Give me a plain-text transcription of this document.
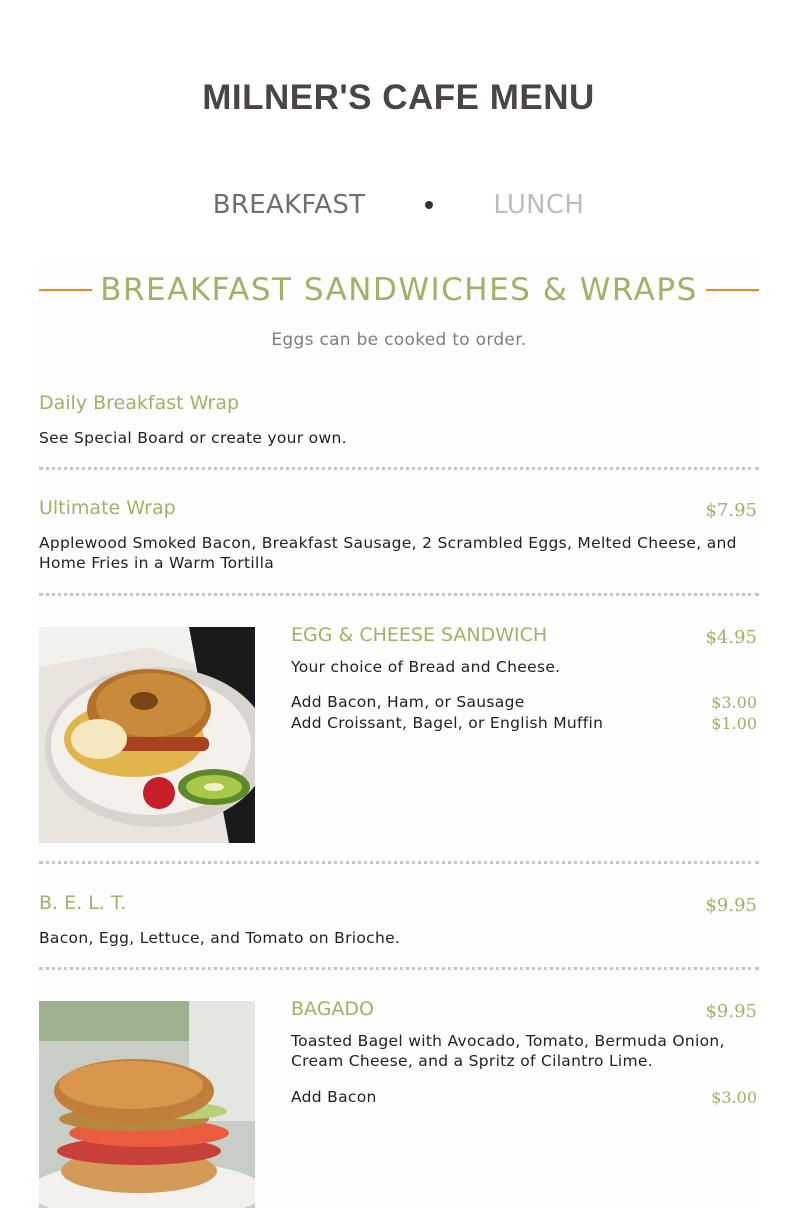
MILNER'S CAFE MENU
BREAKFAST	LUNCH
BREAKFAST SANDWICHES & WRAPS
Eggs can be cooked to order.
Daily Breakfast Wrap
See Special Board or create your own.
Ultimate Wrap	$7.95
Applewood Smoked Bacon, Breakfast Sausage, 2 Scrambled Eggs, Melted Cheese, and Home Fries in a Warm Tortilla
EGG & CHEESE SANDWICH	$4.95
Your choice of Bread and Cheese.
Add Bacon, Ham, or Sausage	$3.00
Add Croissant, Bagel, or English Muffin	$1.00
B. E. L. T.	$9.95
Bacon, Egg, Lettuce, and Tomato on Brioche.
BAGADO	$9.95
Toasted Bagel with Avocado, Tomato, Bermuda Onion, Cream Cheese, and a Spritz of Cilantro Lime.
Add Bacon	$3.00
